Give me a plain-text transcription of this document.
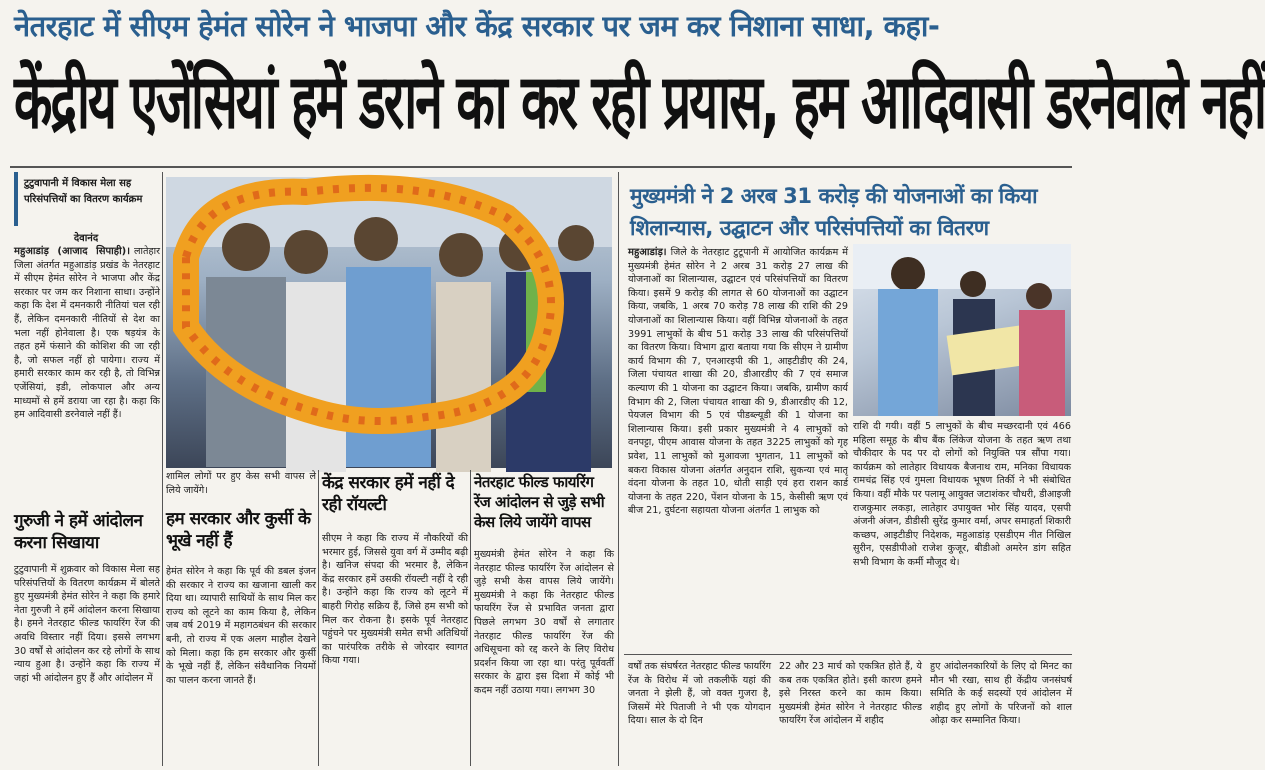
नेतरहाट में सीएम हेमंत सोरेन ने भाजपा और केंद्र सरकार पर जम कर निशाना साधा, कहा-
केंद्रीय एजेंसियां हमें डराने का कर रही प्रयास, हम आदिवासी डरनेवाले नहीं
टुटुवापानी में विकास मेला सह परिसंपत्तियों का वितरण कार्यक्रम
देवानंद
महुआडांड़ (आजाद सिपाही)। लातेहार जिला अंतर्गत महुआडांड़ प्रखंड के नेतरहाट में सीएम हेमंत सोरेन ने भाजपा और केंद्र सरकार पर जम कर निशाना साधा। उन्होंने कहा कि देश में दमनकारी नीतियां चल रही हैं, लेकिन दमनकारी नीतियों से देश का भला नहीं होनेवाला है। एक षड़यंत्र के तहत हमें फंसाने की कोशिश की जा रही है, जो सफल नहीं हो पायेगा। राज्य में हमारी सरकार काम कर रही है, तो विभिन्न एजेंसियां, इडी, लोकपाल और अन्य माध्यमों से हमें डराया जा रहा है। कहा कि हम आदिवासी डरनेवाले नहीं हैं।
गुरुजी ने हमें आंदोलन करना सिखाया
टुटुवापानी में शुक्रवार को विकास मेला सह परिसंपत्तियों के वितरण कार्यक्रम में बोलते हुए मुख्यमंत्री हेमंत सोरेन ने कहा कि हमारे नेता गुरुजी ने हमें आंदोलन करना सिखाया है। हमने नेतरहाट फील्ड फायरिंग रेंज की अवधि विस्तार नहीं दिया। इससे लगभग 30 वर्षों से आंदोलन कर रहे लोगों के साथ न्याय हुआ है। उन्होंने कहा कि राज्य में जहां भी आंदोलन हुए हैं और आंदोलन में
शामिल लोगों पर हुए केस सभी वापस ले लिये जायेंगे।
हम सरकार और कुर्सी के भूखे नहीं हैं
हेमंत सोरेन ने कहा कि पूर्व की डबल इंजन की सरकार ने राज्य का खजाना खाली कर दिया था। व्यापारी साथियों के साथ मिल कर राज्य को लूटने का काम किया है, लेकिन जब वर्ष 2019 में महागठबंधन की सरकार बनी, तो राज्य में एक अलग माहौल देखने को मिला। कहा कि हम सरकार और कुर्सी के भूखे नहीं हैं, लेकिन संवैधानिक नियमों का पालन करना जानते हैं।
केंद्र सरकार हमें नहीं दे रही रॉयल्टी
सीएम ने कहा कि राज्य में नौकरियों की भरमार हुई, जिससे युवा वर्ग में उम्मीद बढ़ी है। खनिज संपदा की भरमार है, लेकिन केंद्र सरकार हमें उसकी रॉयल्टी नहीं दे रही है। उन्होंने कहा कि राज्य को लूटने में बाहरी गिरोह सक्रिय हैं, जिसे हम सभी को मिल कर रोकना है। इसके पूर्व नेतरहाट पहुंचने पर मुख्यमंत्री समेत सभी अतिथियों का पारंपरिक तरीके से जोरदार स्वागत किया गया।
नेतरहाट फील्ड फायरिंग रेंज आंदोलन से जुड़े सभी केस लिये जायेंगे वापस
मुख्यमंत्री हेमंत सोरेन ने कहा कि नेतरहाट फील्ड फायरिंग रेंज आंदोलन से जुड़े सभी केस वापस लिये जायेंगे। मुख्यमंत्री ने कहा कि नेतरहाट फील्ड फायरिंग रेंज से प्रभावित जनता द्वारा पिछले लगभग 30 वर्षों से लगातार नेतरहाट फील्ड फायरिंग रेंज की अधिसूचना को रद्द करने के लिए विरोध प्रदर्शन किया जा रहा था। परंतु पूर्ववर्ती सरकार के द्वारा इस दिशा में कोई भी कदम नहीं उठाया गया। लगभग 30
मुख्यमंत्री ने 2 अरब 31 करोड़ की योजनाओं का किया शिलान्यास, उद्घाटन और परिसंपत्तियों का वितरण
महुआडांड़। जिले के नेतरहाट टुटूपानी में आयोजित कार्यक्रम में मुख्यमंत्री हेमंत सोरेन ने 2 अरब 31 करोड़ 27 लाख की योजनाओं का शिलान्यास, उद्घाटन एवं परिसंपत्तियों का वितरण किया। इसमें 9 करोड़ की लागत से 60 योजनाओं का उद्घाटन किया, जबकि, 1 अरब 70 करोड़ 78 लाख की राशि की 29 योजनाओं का शिलान्यास किया। वहीं विभिन्न योजनाओं के तहत 3991 लाभुकों के बीच 51 करोड़ 33 लाख की परिसंपत्तियों का वितरण किया। विभाग द्वारा बताया गया कि सीएम ने ग्रामीण कार्य विभाग की 7, एनआरइपी की 1, आइटीडीए की 24, जिला पंचायत शाखा की 20, डीआरडीए की 7 एवं समाज कल्याण की 1 योजना का उद्घाटन किया। जबकि, ग्रामीण कार्य विभाग की 2, जिला पंचायत शाखा की 9, डीआरडीए की 12, पेयजल विभाग की 5 एवं पीडब्ल्यूडी की 1 योजना का शिलान्यास किया। इसी प्रकार मुख्यमंत्री ने 4 लाभुकों को वनपट्टा, पीएम आवास योजना के तहत 3225 लाभुकों को गृह प्रवेश, 11 लाभुकों को मुआवजा भुगतान, 11 लाभुकों को बकरा विकास योजना अंतर्गत अनुदान राशि, सुकन्या एवं मातृ वंदना योजना के तहत 10, धोती साड़ी एवं हरा राशन कार्ड योजना के तहत 220, पेंशन योजना के 15, केसीसी ऋण एवं बीज 21, दुर्घटना सहायता योजना अंतर्गत 1 लाभुक को
राशि दी गयी। वहीं 5 लाभुकों के बीच मच्छरदानी एवं 466 महिला समूह के बीच बैंक लिंकेज योजना के तहत ऋण तथा चौकीदार के पद पर दो लोगों को नियुक्ति पत्र सौंपा गया। कार्यक्रम को लातेहार विधायक बैजनाथ राम, मनिका विधायक रामचंद्र सिंह एवं गुमला विधायक भूषण तिर्की ने भी संबोधित किया। वहीं मौके पर पलामू आयुक्त जटाशंकर चौधरी, डीआइजी राजकुमार लकड़ा, लातेहार उपायुक्त भोर सिंह यादव, एसपी अंजनी अंजन, डीडीसी सुरेंद्र कुमार वर्मा, अपर समाहर्ता शिकारी कच्छप, आइटीडीए निदेशक, महुआडांड़ एसडीएम नीत निखिल सुरीन, एसडीपीओ राजेश कुजूर, बीडीओ अमरेन डांग सहित सभी विभाग के कर्मी मौजूद थे।
वर्षों तक संघर्षरत नेतरहाट फील्ड फायरिंग रेंज के विरोध में जो तकलीफें यहां की जनता ने झेली हैं, जो वक्त गुजरा है, जिसमें मेरे पिताजी ने भी एक योगदान दिया। साल के दो दिन
22 और 23 मार्च को एकत्रित होते हैं, ये कब तक एकत्रित होते। इसी कारण हमने इसे निरस्त करने का काम किया। मुख्यमंत्री हेमंत सोरेन ने नेतरहाट फील्ड फायरिंग रेंज आंदोलन में शहीद
हुए आंदोलनकारियों के लिए दो मिनट का मौन भी रखा, साथ ही केंद्रीय जनसंघर्ष समिति के कई सदस्यों एवं आंदोलन में शहीद हुए लोगों के परिजनों को शाल ओढ़ा कर सम्मानित किया।
